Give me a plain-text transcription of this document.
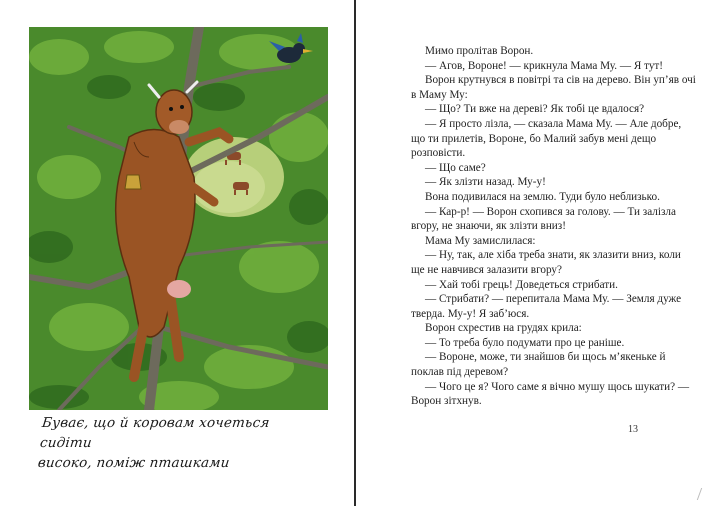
Буває, що й коровам хочеться сидіти
високо, поміж пташками

Мимо пролітав Ворон.

— Агов, Вороне! — крикнула Мама Му. — Я тут!

Ворон крутнувся в повітрі та сів на дерево. Він уп’яв очі в Маму Му:

— Що? Ти вже на дереві? Як тобі це вдалося?

— Я просто лізла, — сказала Мама Му. — Але добре, що ти прилетів, Вороне, бо Малий забув мені дещо розповісти.

— Що саме?

— Як злізти назад. Му-у!

Вона подивилася на землю. Туди було неблизько.

— Кар-р! — Ворон схопився за голову. — Ти залізла вгору, не знаючи, як злізти вниз!

Мама Му замислилася:

— Ну, так, але хіба треба знати, як злазити вниз, коли ще не навчився залазити вгору?

— Хай тобі грець! Доведеться стрибати.

— Стрибати? — перепитала Мама Му. — Земля дуже тверда. Му-у! Я заб’юся.

Ворон схрестив на грудях крила:

— То треба було подумати про це раніше.

— Вороне, може, ти знайшов би щось м’якеньке й поклав під деревом?

— Чого це я? Чого саме я вічно мушу щось шукати? — Ворон зітхнув.

13
